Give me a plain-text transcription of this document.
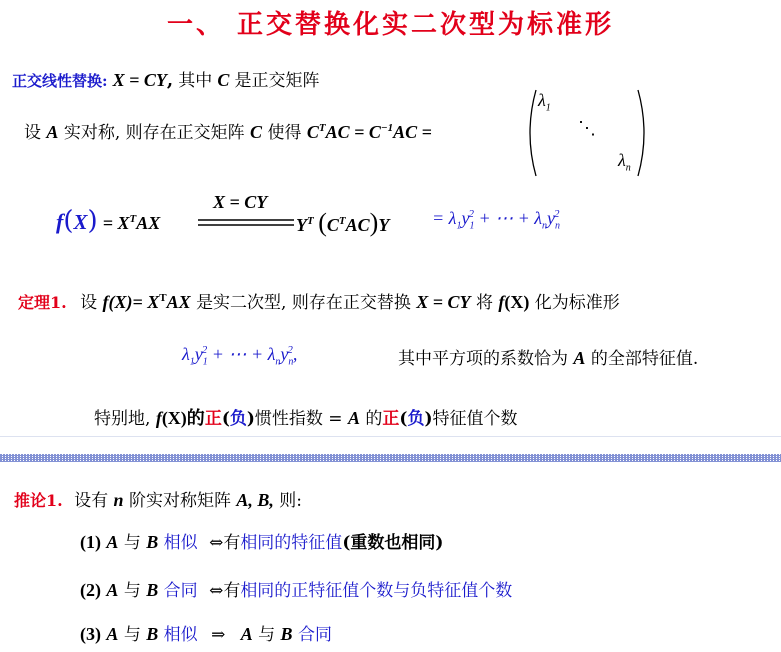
一、 正交替换化实二次型为标准形
正交线性替换: X = CY, 其中 C 是正交矩阵
设 A 实对称, 则存在正交矩阵 C 使得 $C^TAC = C^{-1}AC$ =
$\lambda_1$
⋱
$\lambda_n$
$f(X) = X^TAX$
X = CY
$Y^T$ $(C^TAC)Y = \lambda_1y_1^2$ + ⋯ + $\lambda_ny_n^2$
定理1. 设 $f(X)= X^TAX$ 是实二次型, 则存在正交替换 X = CY 将 f(X) 化为标准形
$\lambda_1y_1^2$ + ⋯ + $\lambda_ny_n^2$,	其中平方项的系数恰为 A 的全部特征值.
特别地, f(X)的正(负)惯性指数 = A 的正(负)特征值个数
推论1. 设有 n 阶实对称矩阵 A, B, 则:
(1) A 与 B 相似 ⇔有相同的特征值(重数也相同)
(2) A 与 B 合同 ⇔有相同的正特征值个数与负特征值个数
(3) A 与 B 相似 ⇒ A 与 B 合同
